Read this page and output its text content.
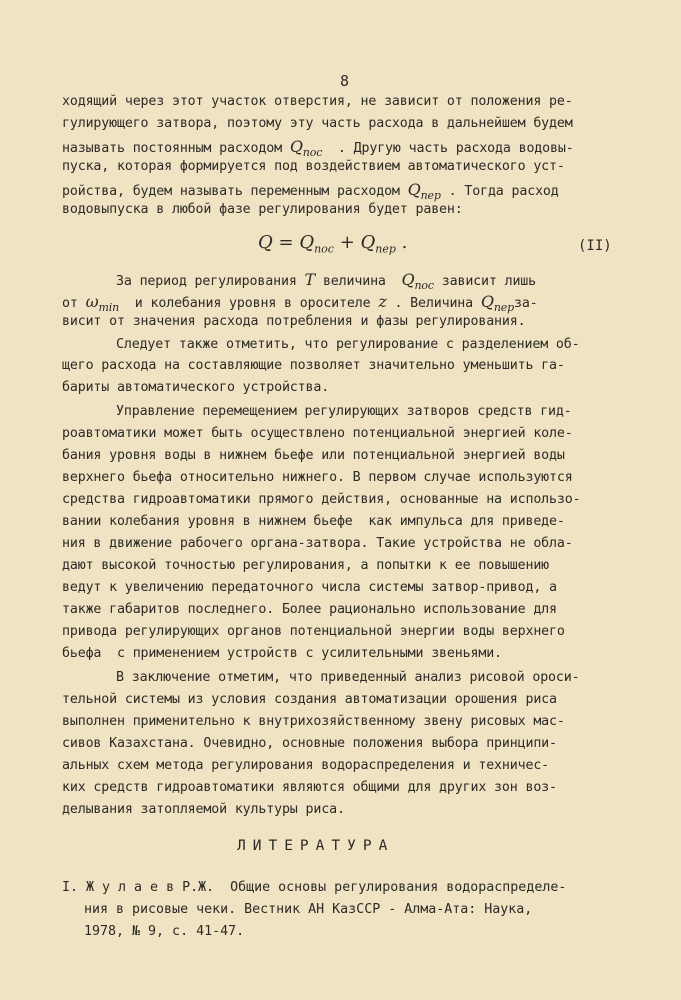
8
ходящий через этот участок отверстия, не зависит от положения ре-
гулирующего затвора, поэтому эту часть расхода в дальнейшем будем
называть постоянным расходом $Q_{пос}$ . Другую часть расхода водовы-
пуска, которая формируется под воздействием автоматического уст-
ройства, будем называть переменным расходом $Q_{пер}$ . Тогда расход
водовыпуска в любой фазе регулирования будет равен:
$Q = Q_{пос} + Q_{пер}$ .	(II)
За период регулирования T величина $Q_{пос}$ зависит лишь
от $\omega_{min}$ и колебания уровня в оросителе z . Величина $Q_{пер}за-$
висит от значения расхода потребления и фазы регулирования.
Следует также отметить, что регулирование с разделением об-
щего расхода на составляющие позволяет значительно уменьшить га-
бариты автоматического устройства.
Управление перемещением регулирующих затворов средств гид-
роавтоматики может быть осуществлено потенциальной энергией коле-
бания уровня воды в нижнем бьефе или потенциальной энергией воды
верхнего бьефа относительно нижнего. В первом случае используются
средства гидроавтоматики прямого действия, основанные на использо-
вании колебания уровня в нижнем бьефе  как импульса для приведе-
ния в движение рабочего органа-затвора. Такие устройства не обла-
дают высокой точностью регулирования, а попытки к ее повышению
ведут к увеличению передаточного числа системы затвор-привод, а
также габаритов последнего. Более рационально использование для
привода регулирующих органов потенциальной энергии воды верхнего
бьефа  с применением устройств с усилительными звеньями.
В заключение отметим, что приведенный анализ рисовой ороси-
тельной системы из условия создания автоматизации орошения риса
выполнен применительно к внутрихозяйственному звену рисовых мас-
сивов Казахстана. Очевидно, основные положения выбора принципи-
альных схем метода регулирования водораспределения и техничес-
ких средств гидроавтоматики являются общими для других зон воз-
делывания затопляемой культуры риса.
ЛИТЕРАТУРА
I. Ж у л а е в Р.Ж.  Общие основы регулирования водораспределе-
ния в рисовые чеки. Вестник АН КазССР - Алма-Ата: Наука,
1978, № 9, с. 41-47.
